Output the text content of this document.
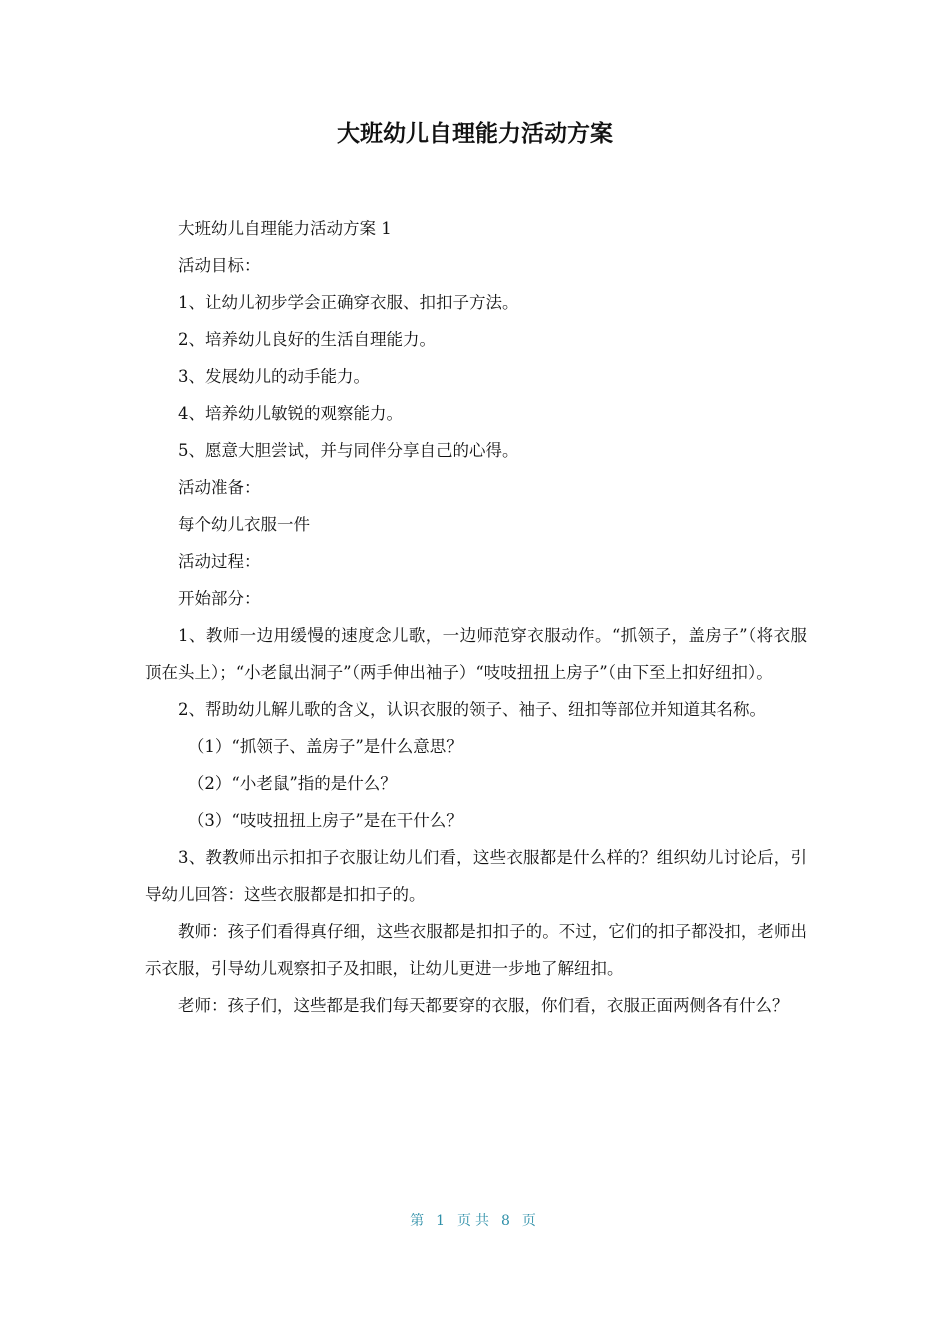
大班幼儿自理能力活动方案

大班幼儿自理能力活动方案 1

活动目标：

1、让幼儿初步学会正确穿衣服、扣扣子方法。

2、培养幼儿良好的生活自理能力。

3、发展幼儿的动手能力。

4、培养幼儿敏锐的观察能力。

5、愿意大胆尝试，并与同伴分享自己的心得。

活动准备：

每个幼儿衣服一件

活动过程：

开始部分：

1、教师一边用缓慢的速度念儿歌，一边师范穿衣服动作。“抓领子，盖房子”（将衣服顶在头上）；“小老鼠出洞子”（两手伸出袖子）“吱吱扭扭上房子”（由下至上扣好纽扣）。

2、帮助幼儿解儿歌的含义，认识衣服的领子、袖子、纽扣等部位并知道其名称。

（1）“抓领子、盖房子”是什么意思？

（2）“小老鼠”指的是什么？

（3）“吱吱扭扭上房子”是在干什么？

3、教教师出示扣扣子衣服让幼儿们看，这些衣服都是什么样的？组织幼儿讨论后，引导幼儿回答：这些衣服都是扣扣子的。

教师：孩子们看得真仔细，这些衣服都是扣扣子的。不过，它们的扣子都没扣，老师出示衣服，引导幼儿观察扣子及扣眼，让幼儿更进一步地了解纽扣。

老师：孩子们，这些都是我们每天都要穿的衣服，你们看，衣服正面两侧各有什么？

第 1 页共 8 页
